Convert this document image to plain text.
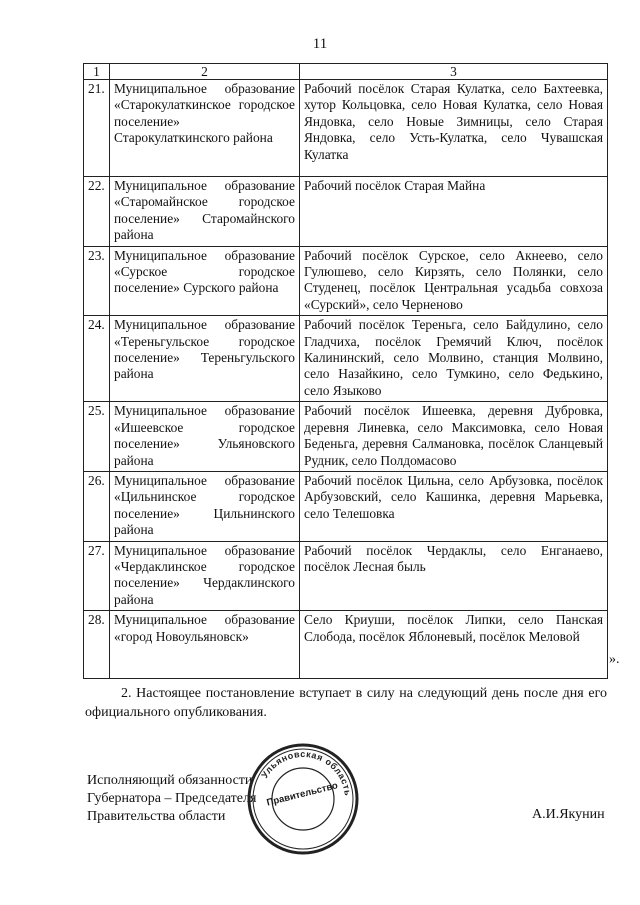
11
1	2	3
21.	Муниципальное образование «Старокулаткинское городское поселение» Старокулаткинского района	Рабочий посёлок Старая Кулатка, село Бахтеевка, хутор Кольцовка, село Новая Кулатка, село Новая Яндовка, село Новые Зимницы, село Старая Яндовка, село Усть-Кулатка, село Чувашская Кулатка
22.	Муниципальное образование «Старомайнское городское поселение» Старомайнского района	Рабочий посёлок Старая Майна
23.	Муниципальное образование «Сурское городское поселение» Сурского района	Рабочий посёлок Сурское, село Акнеево, село Гулюшево, село Кирзять, село Полянки, село Студенец, посёлок Центральная усадьба совхоза «Сурский», село Черненово
24.	Муниципальное образование «Тереньгульское городское поселение» Тереньгульского района	Рабочий посёлок Тереньга, село Байдулино, село Гладчиха, посёлок Гремячий Ключ, посёлок Калининский, село Молвино, станция Молвино, село Назайкино, село Тумкино, село Федькино, село Языково
25.	Муниципальное образование «Ишеевское городское поселение» Ульяновского района	Рабочий посёлок Ишеевка, деревня Дубровка, деревня Линевка, село Максимовка, село Новая Беденьга, деревня Салмановка, посёлок Сланцевый Рудник, село Полдомасово
26.	Муниципальное образование «Цильнинское городское поселение» Цильнинского района	Рабочий посёлок Цильна, село Арбузовка, посёлок Арбузовский, село Кашинка, деревня Марьевка, село Телешовка
27.	Муниципальное образование «Чердаклинское городское поселение» Чердаклинского района	Рабочий посёлок Чердаклы, село Енганаево, посёлок Лесная быль
28.	Муниципальное образование «город Новоульяновск»	Село Криуши, посёлок Липки, село Панская Слобода, посёлок Яблоневый, посёлок Меловой
».
2. Настоящее постановление вступает в силу на следующий день после дня его официального опубликования.
Исполняющий обязанности
Губернатора – Председателя
Правительства области	А.И.Якунин
Ульяновская область
Правительство
